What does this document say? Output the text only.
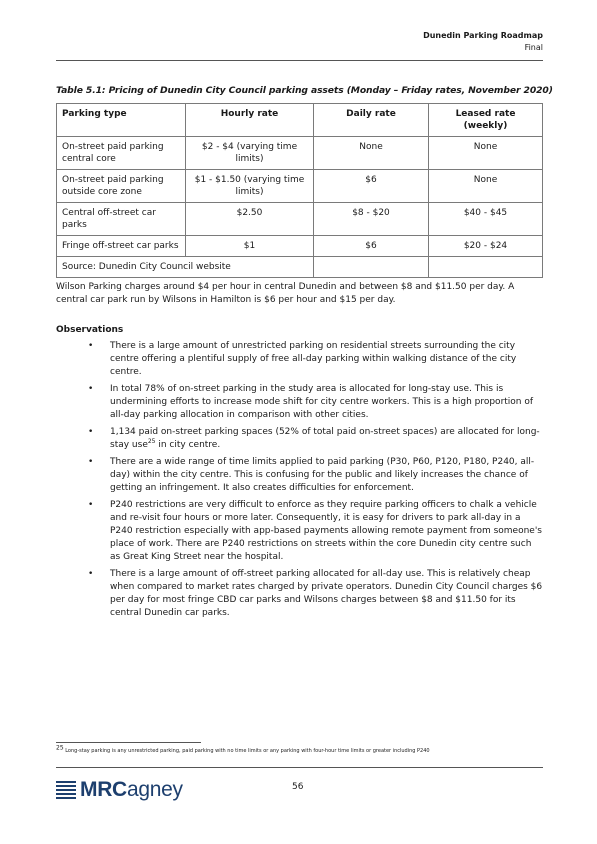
Dunedin Parking Roadmap
Final
Table 5.1: Pricing of Dunedin City Council parking assets (Monday – Friday rates, November 2020)
Parking type	Hourly rate	Daily rate	Leased rate (weekly)
On-street paid parking central core	$2 - $4 (varying time limits)	None	None
On-street paid parking outside core zone	$1 - $1.50 (varying time limits)	$6	None
Central off-street car parks	$2.50	$8 - $20	$40 - $45
Fringe off-street car parks	$1	$6	$20 - $24
Source: Dunedin City Council website			
Wilson Parking charges around $4 per hour in central Dunedin and between $8 and $11.50 per day. A central car park run by Wilsons in Hamilton is $6 per hour and $15 per day.
Observations
• There is a large amount of unrestricted parking on residential streets surrounding the city centre offering a plentiful supply of free all-day parking within walking distance of the city centre.
• In total 78% of on-street parking in the study area is allocated for long-stay use. This is undermining efforts to increase mode shift for city centre workers. This is a high proportion of all-day parking allocation in comparison with other cities.
• 1,134 paid on-street parking spaces (52% of total paid on-street spaces) are allocated for long-stay use$^{25}$ in city centre.
• There are a wide range of time limits applied to paid parking (P30, P60, P120, P180, P240, all-day) within the city centre. This is confusing for the public and likely increases the chance of getting an infringement. It also creates difficulties for enforcement.
• P240 restrictions are very difficult to enforce as they require parking officers to chalk a vehicle and re-visit four hours or more later. Consequently, it is easy for drivers to park all-day in a P240 restriction especially with app-based payments allowing remote payment from someone's place of work. There are P240 restrictions on streets within the core Dunedin city centre such as Great King Street near the hospital.
• There is a large amount of off-street parking allocated for all-day use. This is relatively cheap when compared to market rates charged by private operators. Dunedin City Council charges $6 per day for most fringe CBD car parks and Wilsons charges between $8 and $11.50 for its central Dunedin car parks.
$^{25}$ Long-stay parking is any unrestricted parking, paid parking with no time limits or any parking with four-hour time limits or greater including P240
MRCagney	56
